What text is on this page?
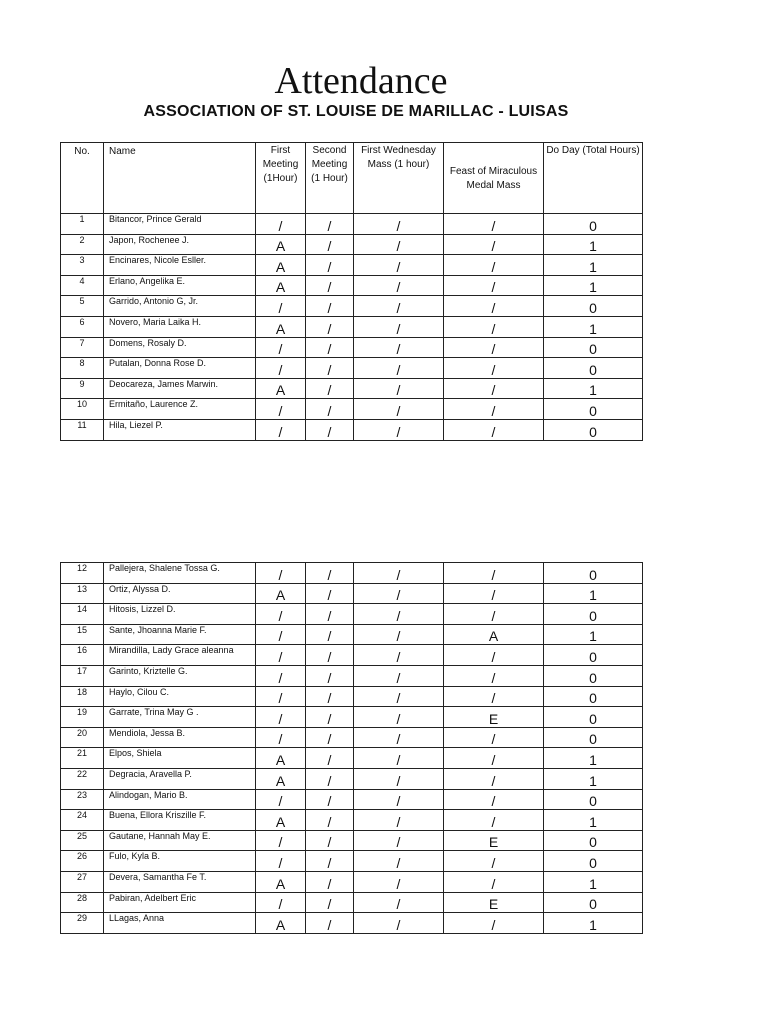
Attendance
ASSOCIATION OF ST. LOUISE DE MARILLAC - LUISAS
No.	Name	First Meeting (1Hour)	Second Meeting (1 Hour)	First Wednesday Mass (1 hour)	Feast of Miraculous Medal Mass	Do Day (Total Hours)
1	Bitancor, Prince Gerald	/	/	/	/	0
2	Japon, Rochenee J.	A	/	/	/	1
3	Encinares, Nicole Esller.	A	/	/	/	1
4	Erlano, Angelika E.	A	/	/	/	1
5	Garrido, Antonio G, Jr.	/	/	/	/	0
6	Novero, Maria Laika H.	A	/	/	/	1
7	Domens, Rosaly D.	/	/	/	/	0
8	Putalan, Donna Rose D.	/	/	/	/	0
9	Deocareza, James Marwin.	A	/	/	/	1
10	Ermitaño, Laurence Z.	/	/	/	/	0
11	Hila, Liezel P.	/	/	/	/	0
12	Pallejera, Shalene Tossa G.	/	/	/	/	0
13	Ortiz, Alyssa D.	A	/	/	/	1
14	Hitosis, Lizzel D.	/	/	/	/	0
15	Sante, Jhoanna Marie F.	/	/	/	A	1
16	Mirandilla, Lady Grace aleanna	/	/	/	/	0
17	Garinto, Kriztelle G.	/	/	/	/	0
18	Haylo, Cilou C.	/	/	/	/	0
19	Garrate, Trina May G .	/	/	/	E	0
20	Mendiola, Jessa B.	/	/	/	/	0
21	Elpos, Shiela	A	/	/	/	1
22	Degracia, Aravella P.	A	/	/	/	1
23	Alindogan, Mario B.	/	/	/	/	0
24	Buena, Ellora Kriszille F.	A	/	/	/	1
25	Gautane, Hannah May E.	/	/	/	E	0
26	Fulo, Kyla B.	/	/	/	/	0
27	Devera, Samantha Fe T.	A	/	/	/	1
28	Pabiran, Adelbert Eric	/	/	/	E	0
29	LLagas, Anna	A	/	/	/	1
